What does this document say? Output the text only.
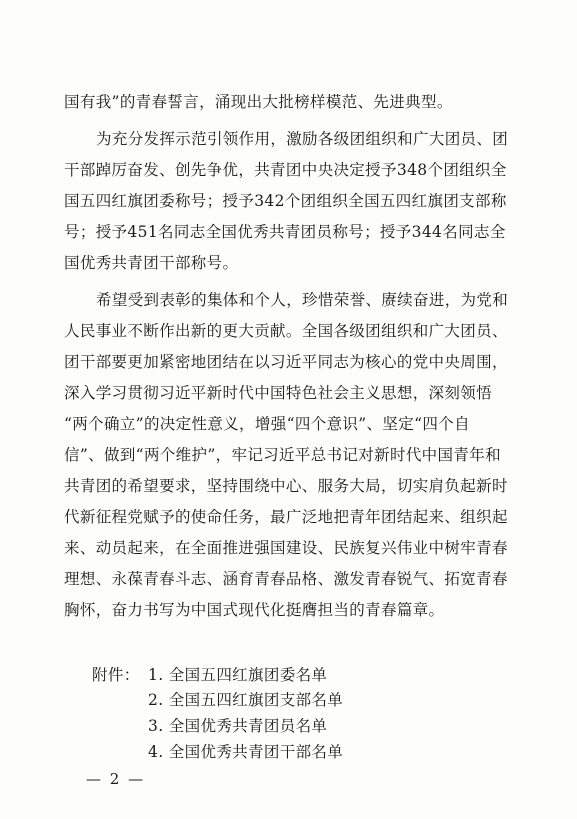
国有我”的青春誓言，涌现出大批榜样模范、先进典型。
为充分发挥示范引领作用，激励各级团组织和广大团员、团
干部踔厉奋发、创先争优，共青团中央决定授予348个团组织全
国五四红旗团委称号；授予342个团组织全国五四红旗团支部称
号；授予451名同志全国优秀共青团员称号；授予344名同志全
国优秀共青团干部称号。
希望受到表彰的集体和个人，珍惜荣誉、赓续奋进，为党和
人民事业不断作出新的更大贡献。全国各级团组织和广大团员、
团干部要更加紧密地团结在以习近平同志为核心的党中央周围，
深入学习贯彻习近平新时代中国特色社会主义思想，深刻领悟
“两个确立”的决定性意义，增强“四个意识”、坚定“四个自
信”、做到“两个维护”，牢记习近平总书记对新时代中国青年和
共青团的希望要求，坚持围绕中心、服务大局，切实肩负起新时
代新征程党赋予的使命任务，最广泛地把青年团结起来、组织起
来、动员起来，在全面推进强国建设、民族复兴伟业中树牢青春
理想、永葆青春斗志、涵育青春品格、激发青春锐气、拓宽青春
胸怀，奋力书写为中国式现代化挺膺担当的青春篇章。
附件： 1. 全国五四红旗团委名单
2. 全国五四红旗团支部名单
3. 全国优秀共青团员名单
4. 全国优秀共青团干部名单
— 2 —
